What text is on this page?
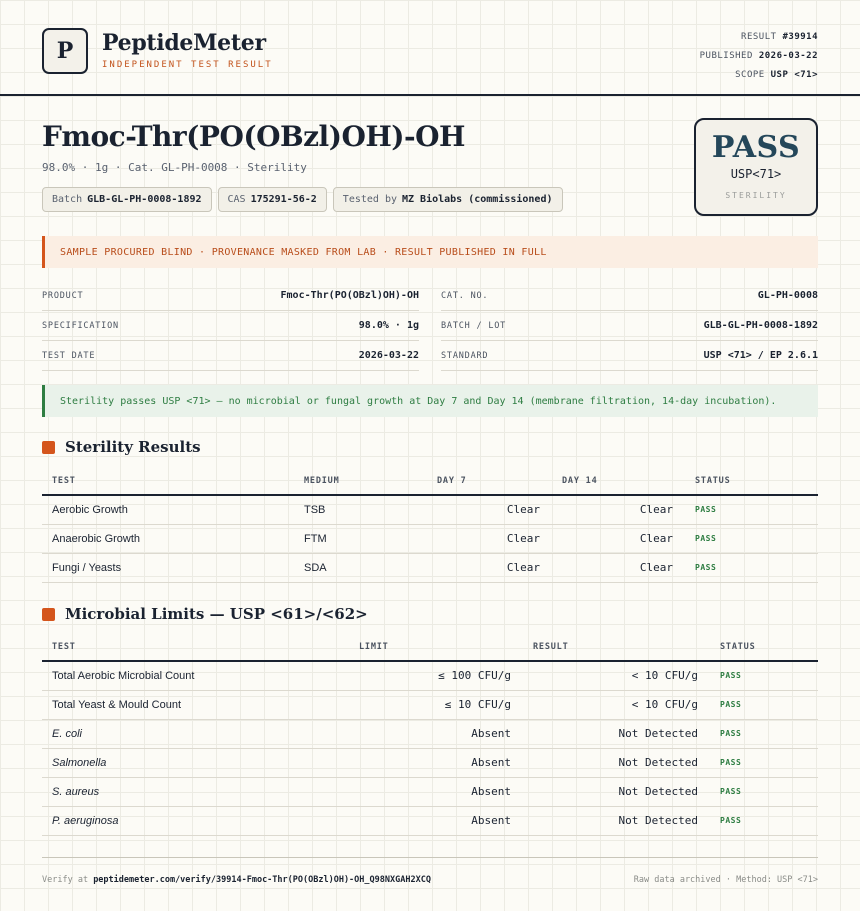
P PeptideMeter
INDEPENDENT TEST RESULT
RESULT #39914
PUBLISHED 2026-03-22
SCOPE USP <71>
Fmoc-Thr(PO(OBzl)OH)-OH
98.0% · 1g · Cat. GL-PH-0008 · Sterility
Batch GLB-GL-PH-0008-1892	CAS 175291-56-2	Tested by MZ Biolabs (commissioned)
PASS
USP<71>
STERILITY
SAMPLE PROCURED BLIND · PROVENANCE MASKED FROM LAB · RESULT PUBLISHED IN FULL
PRODUCT	Fmoc-Thr(PO(OBzl)OH)-OH	CAT. NO.	GL-PH-0008
SPECIFICATION	98.0% · 1g	BATCH / LOT	GLB-GL-PH-0008-1892
TEST DATE	2026-03-22	STANDARD	USP <71> / EP 2.6.1
Sterility passes USP <71> — no microbial or fungal growth at Day 7 and Day 14 (membrane filtration, 14-day incubation).
Sterility Results
TEST	MEDIUM	DAY 7	DAY 14	STATUS
Aerobic Growth	TSB	Clear	Clear	PASS
Anaerobic Growth	FTM	Clear	Clear	PASS
Fungi / Yeasts	SDA	Clear	Clear	PASS
Microbial Limits — USP <61>/<62>
TEST	LIMIT	RESULT	STATUS
Total Aerobic Microbial Count	≤ 100 CFU/g	< 10 CFU/g	PASS
Total Yeast & Mould Count	≤ 10 CFU/g	< 10 CFU/g	PASS
E. coli	Absent	Not Detected	PASS
Salmonella	Absent	Not Detected	PASS
S. aureus	Absent	Not Detected	PASS
P. aeruginosa	Absent	Not Detected	PASS
Verify at peptidemeter.com/verify/39914-Fmoc-Thr(PO(OBzl)OH)-OH_Q98NXGAH2XCQ	Raw data archived · Method: USP <71>
